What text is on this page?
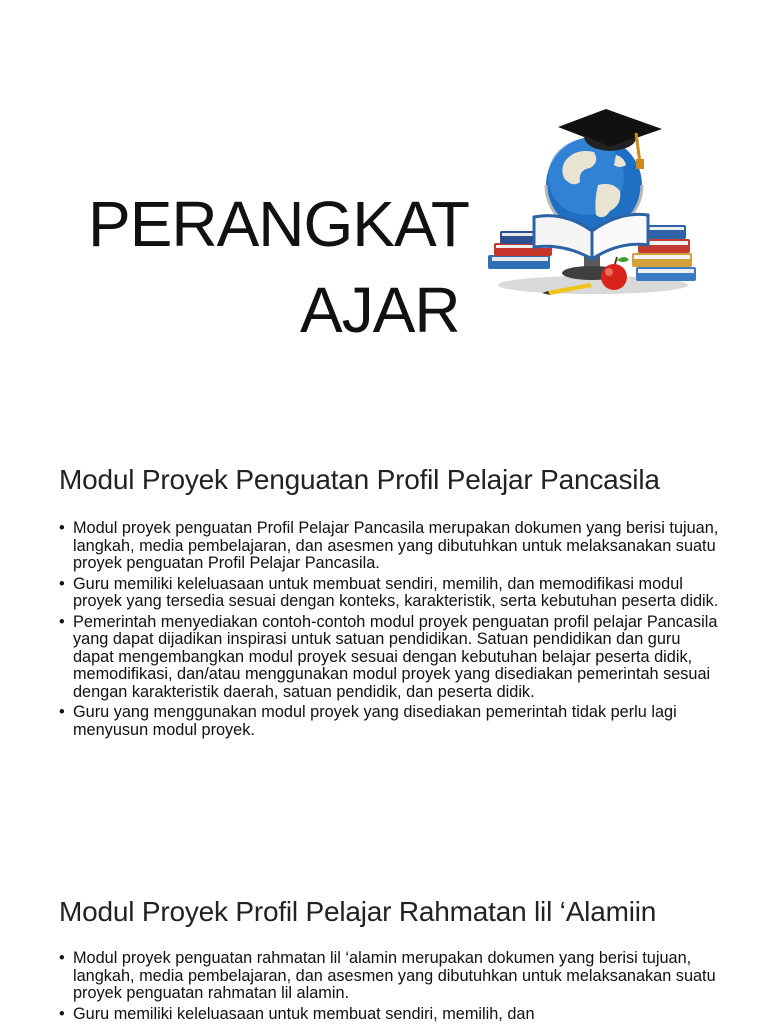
PERANGKAT
AJAR
Modul Proyek Penguatan Profil Pelajar Pancasila
• Modul proyek penguatan Profil Pelajar Pancasila merupakan dokumen yang berisi tujuan, langkah, media pembelajaran, dan asesmen yang dibutuhkan untuk melaksanakan suatu proyek penguatan Profil Pelajar Pancasila.
• Guru memiliki keleluasaan untuk membuat sendiri, memilih, dan memodifikasi modul proyek yang tersedia sesuai dengan konteks, karakteristik, serta kebutuhan peserta didik.
• Pemerintah menyediakan contoh-contoh modul proyek penguatan profil pelajar Pancasila yang dapat dijadikan inspirasi untuk satuan pendidikan. Satuan pendidikan dan guru dapat mengembangkan modul proyek sesuai dengan kebutuhan belajar peserta didik, memodifikasi, dan/atau menggunakan modul proyek yang disediakan pemerintah sesuai dengan karakteristik daerah, satuan pendidik, dan peserta didik.
• Guru yang menggunakan modul proyek yang disediakan pemerintah tidak perlu lagi menyusun modul proyek.
Modul Proyek Profil Pelajar Rahmatan lil ‘Alamiin
• Modul proyek penguatan rahmatan lil ‘alamin merupakan dokumen yang berisi tujuan, langkah, media pembelajaran, dan asesmen yang dibutuhkan untuk melaksanakan suatu proyek penguatan rahmatan lil alamin.
• Guru memiliki keleluasaan untuk membuat sendiri, memilih, dan
